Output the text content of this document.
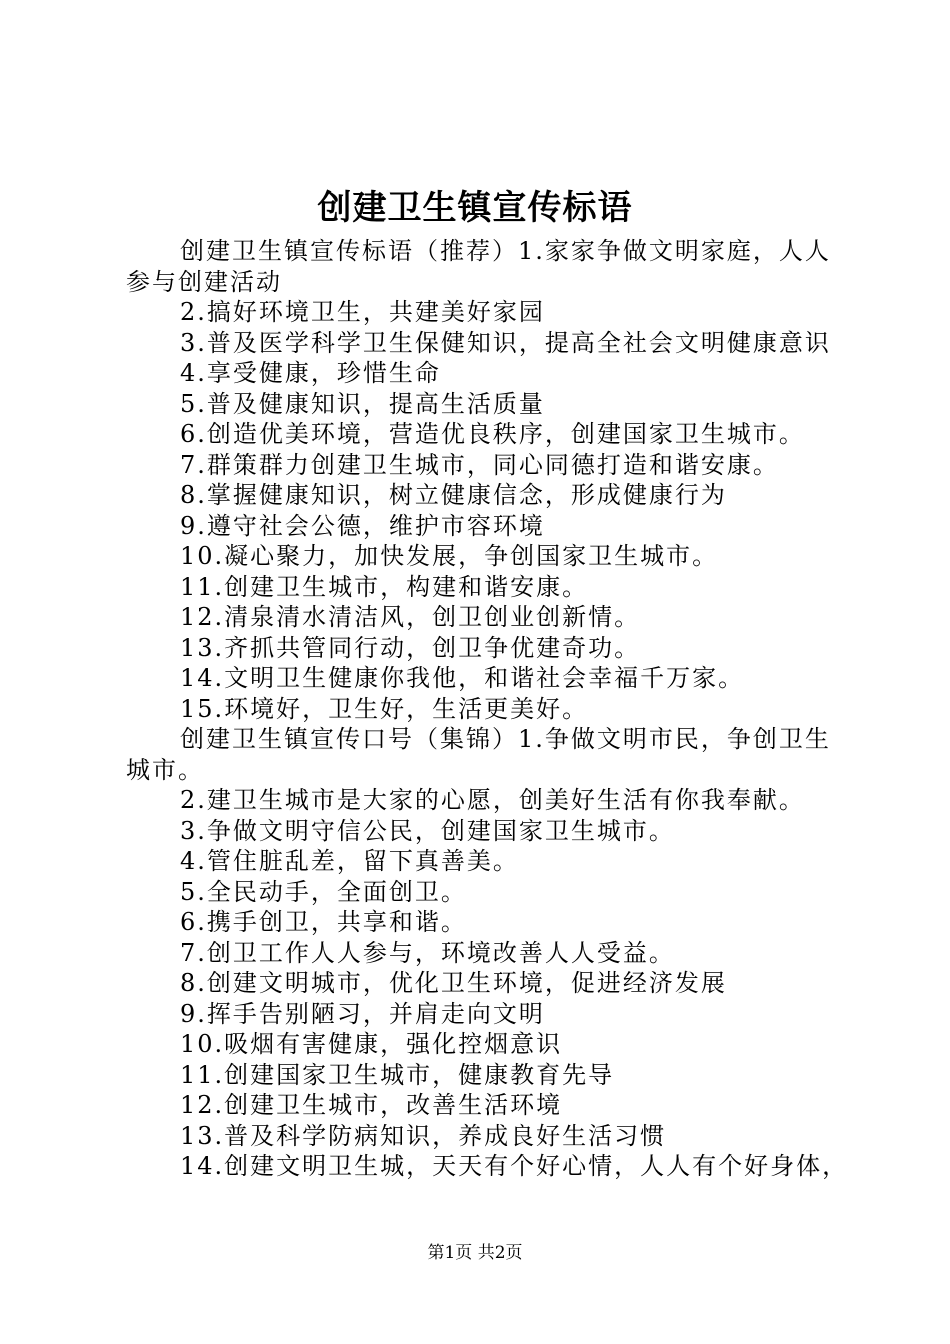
创建卫生镇宣传标语

创建卫生镇宣传标语（推荐）1.家家争做文明家庭，人人参与创建活动

2.搞好环境卫生，共建美好家园

3.普及医学科学卫生保健知识，提高全社会文明健康意识

4.享受健康，珍惜生命

5.普及健康知识，提高生活质量

6.创造优美环境，营造优良秩序，创建国家卫生城市。

7.群策群力创建卫生城市，同心同德打造和谐安康。

8.掌握健康知识，树立健康信念，形成健康行为

9.遵守社会公德，维护市容环境

10.凝心聚力，加快发展，争创国家卫生城市。

11.创建卫生城市，构建和谐安康。

12.清泉清水清洁风，创卫创业创新情。

13.齐抓共管同行动，创卫争优建奇功。

14.文明卫生健康你我他，和谐社会幸福千万家。

15.环境好，卫生好，生活更美好。

创建卫生镇宣传口号（集锦）1.争做文明市民，争创卫生城市。

2.建卫生城市是大家的心愿，创美好生活有你我奉献。

3.争做文明守信公民，创建国家卫生城市。

4.管住脏乱差，留下真善美。

5.全民动手，全面创卫。

6.携手创卫，共享和谐。

7.创卫工作人人参与，环境改善人人受益。

8.创建文明城市，优化卫生环境，促进经济发展

9.挥手告别陋习，并肩走向文明

10.吸烟有害健康，强化控烟意识

11.创建国家卫生城市，健康教育先导

12.创建卫生城市，改善生活环境

13.普及科学防病知识，养成良好生活习惯

14.创建文明卫生城，天天有个好心情，人人有个好身体，

第1页 共2页
